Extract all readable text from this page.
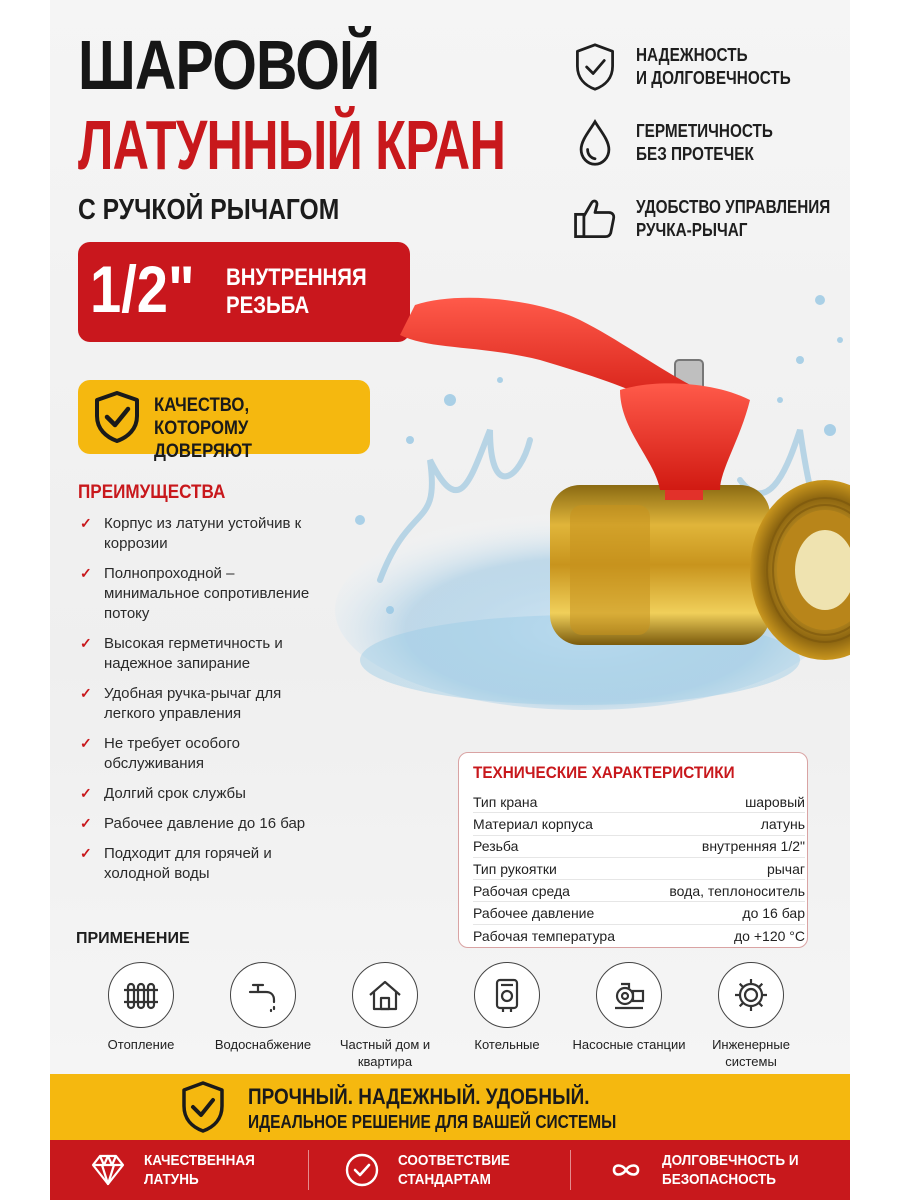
ШАРОВОЙ
ЛАТУННЫЙ КРАН
С РУЧКОЙ РЫЧАГОМ
1/2" ВНУТРЕННЯЯ РЕЗЬБА
КАЧЕСТВО, КОТОРОМУ ДОВЕРЯЮТ
НАДЕЖНОСТЬ
И ДОЛГОВЕЧНОСТЬ
ГЕРМЕТИЧНОСТЬ
БЕЗ ПРОТЕЧЕК
УДОБСТВО УПРАВЛЕНИЯ
РУЧКА-РЫЧАГ
ПРЕИМУЩЕСТВА
✓ Корпус из латуни устойчив к коррозии
✓ Полнопроходной – минимальное сопротивление потоку
✓ Высокая герметичность и надежное запирание
✓ Удобная ручка-рычаг для легкого управления
✓ Не требует особого обслуживания
✓ Долгий срок службы
✓ Рабочее давление до 16 бар
✓ Подходит для горячей и холодной воды
ТЕХНИЧЕСКИЕ ХАРАКТЕРИСТИКИ
Тип крана	шаровый
Материал корпуса	латунь
Резьба	внутренняя 1/2"
Тип рукоятки	рычаг
Рабочая среда	вода, теплоноситель
Рабочее давление	до 16 бар
Рабочая температура	до +120 °С
ПРИМЕНЕНИЕ
Отопление	Водоснабжение	Частный дом и квартира
Котельные	Насосные станции	Инженерные системы
ПРОЧНЫЙ. НАДЕЖНЫЙ. УДОБНЫЙ.
ИДЕАЛЬНОЕ РЕШЕНИЕ ДЛЯ ВАШЕЙ СИСТЕМЫ
КАЧЕСТВЕННАЯ ЛАТУНЬ
СООТВЕТСТВИЕ СТАНДАРТАМ
ДОЛГОВЕЧНОСТЬ И БЕЗОПАСНОСТЬ
